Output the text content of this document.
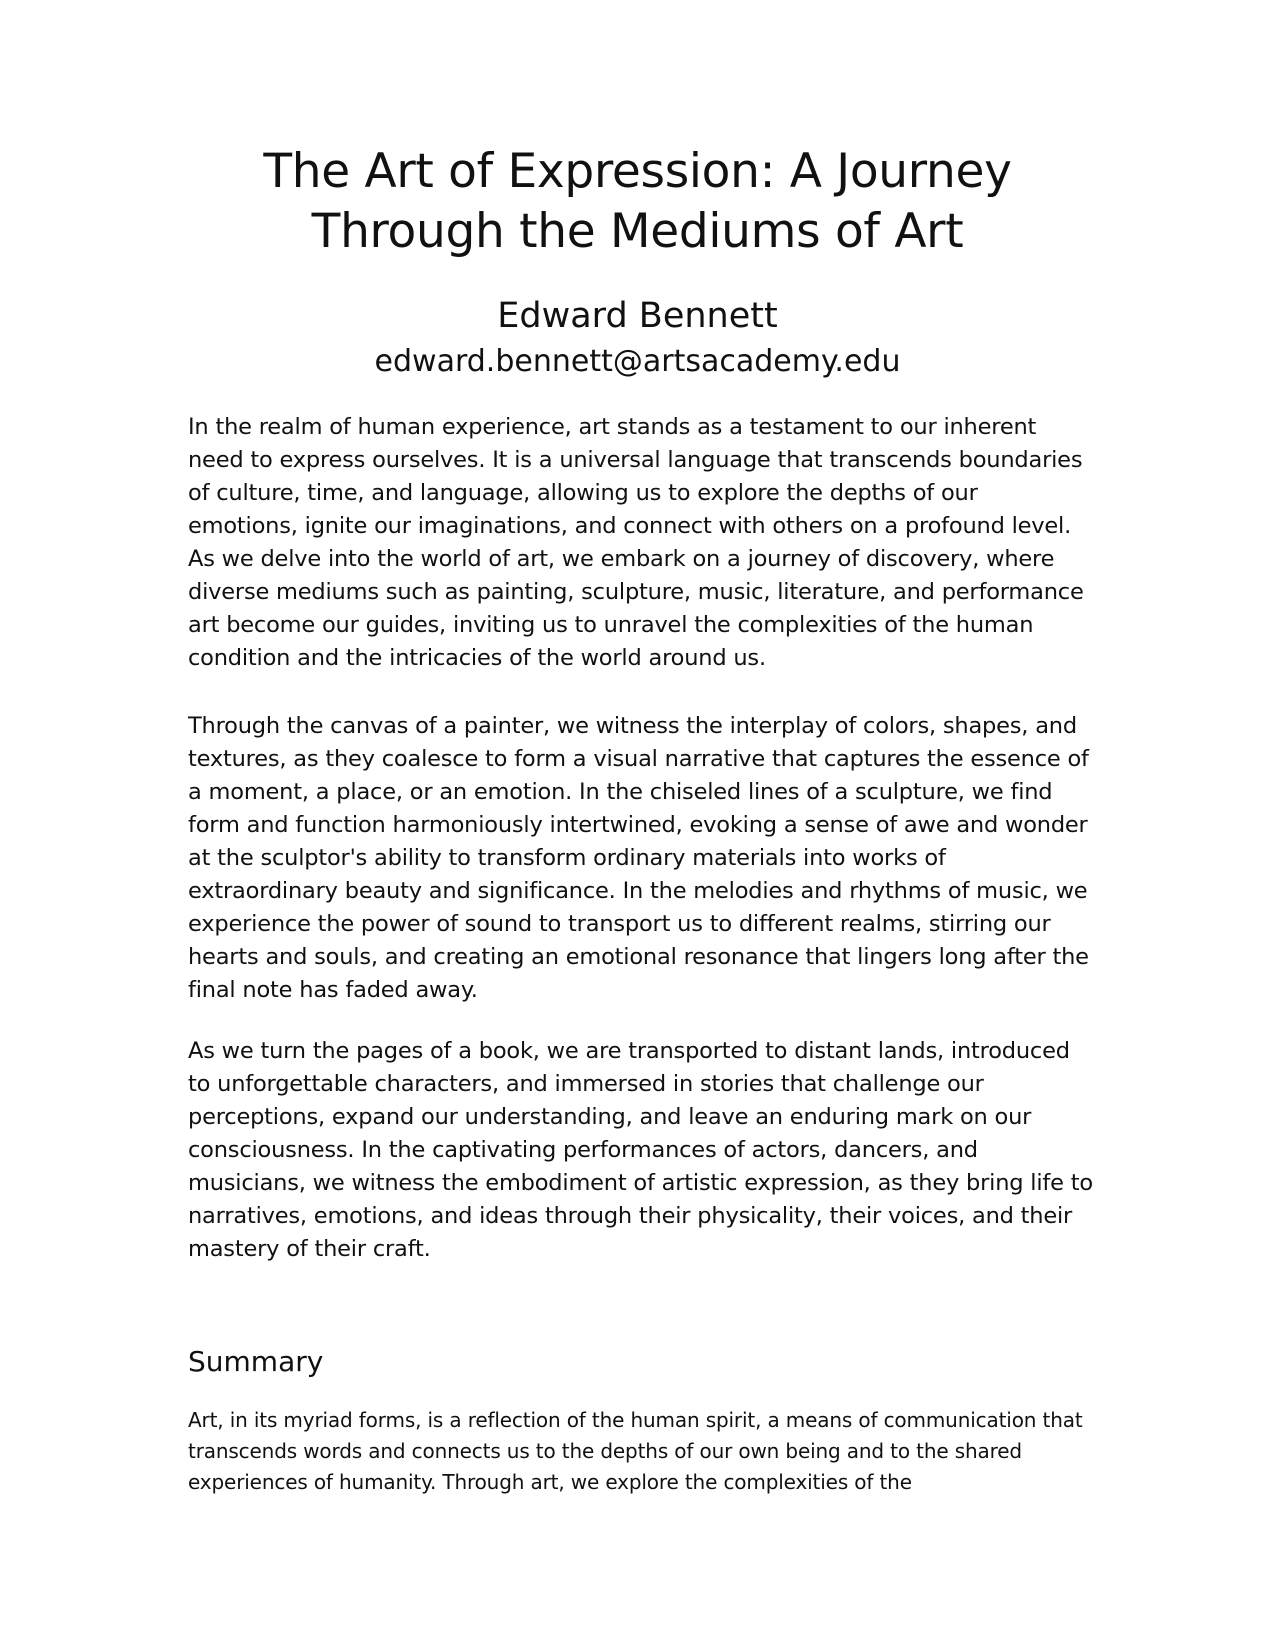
The Art of Expression: A Journey Through the Mediums of Art
Edward Bennett

edward.bennett@artsacademy.edu

In the realm of human experience, art stands as a testament to our inherent need to express ourselves. It is a universal language that transcends boundaries of culture, time, and language, allowing us to explore the depths of our emotions, ignite our imaginations, and connect with others on a profound level. As we delve into the world of art, we embark on a journey of discovery, where diverse mediums such as painting, sculpture, music, literature, and performance art become our guides, inviting us to unravel the complexities of the human condition and the intricacies of the world around us.

Through the canvas of a painter, we witness the interplay of colors, shapes, and textures, as they coalesce to form a visual narrative that captures the essence of a moment, a place, or an emotion. In the chiseled lines of a sculpture, we find form and function harmoniously intertwined, evoking a sense of awe and wonder at the sculptor's ability to transform ordinary materials into works of extraordinary beauty and significance. In the melodies and rhythms of music, we experience the power of sound to transport us to different realms, stirring our hearts and souls, and creating an emotional resonance that lingers long after the final note has faded away.

As we turn the pages of a book, we are transported to distant lands, introduced to unforgettable characters, and immersed in stories that challenge our perceptions, expand our understanding, and leave an enduring mark on our consciousness. In the captivating performances of actors, dancers, and musicians, we witness the embodiment of artistic expression, as they bring life to narratives, emotions, and ideas through their physicality, their voices, and their mastery of their craft.

Summary

Art, in its myriad forms, is a reflection of the human spirit, a means of communication that transcends words and connects us to the depths of our own being and to the shared experiences of humanity. Through art, we explore the complexities of the
